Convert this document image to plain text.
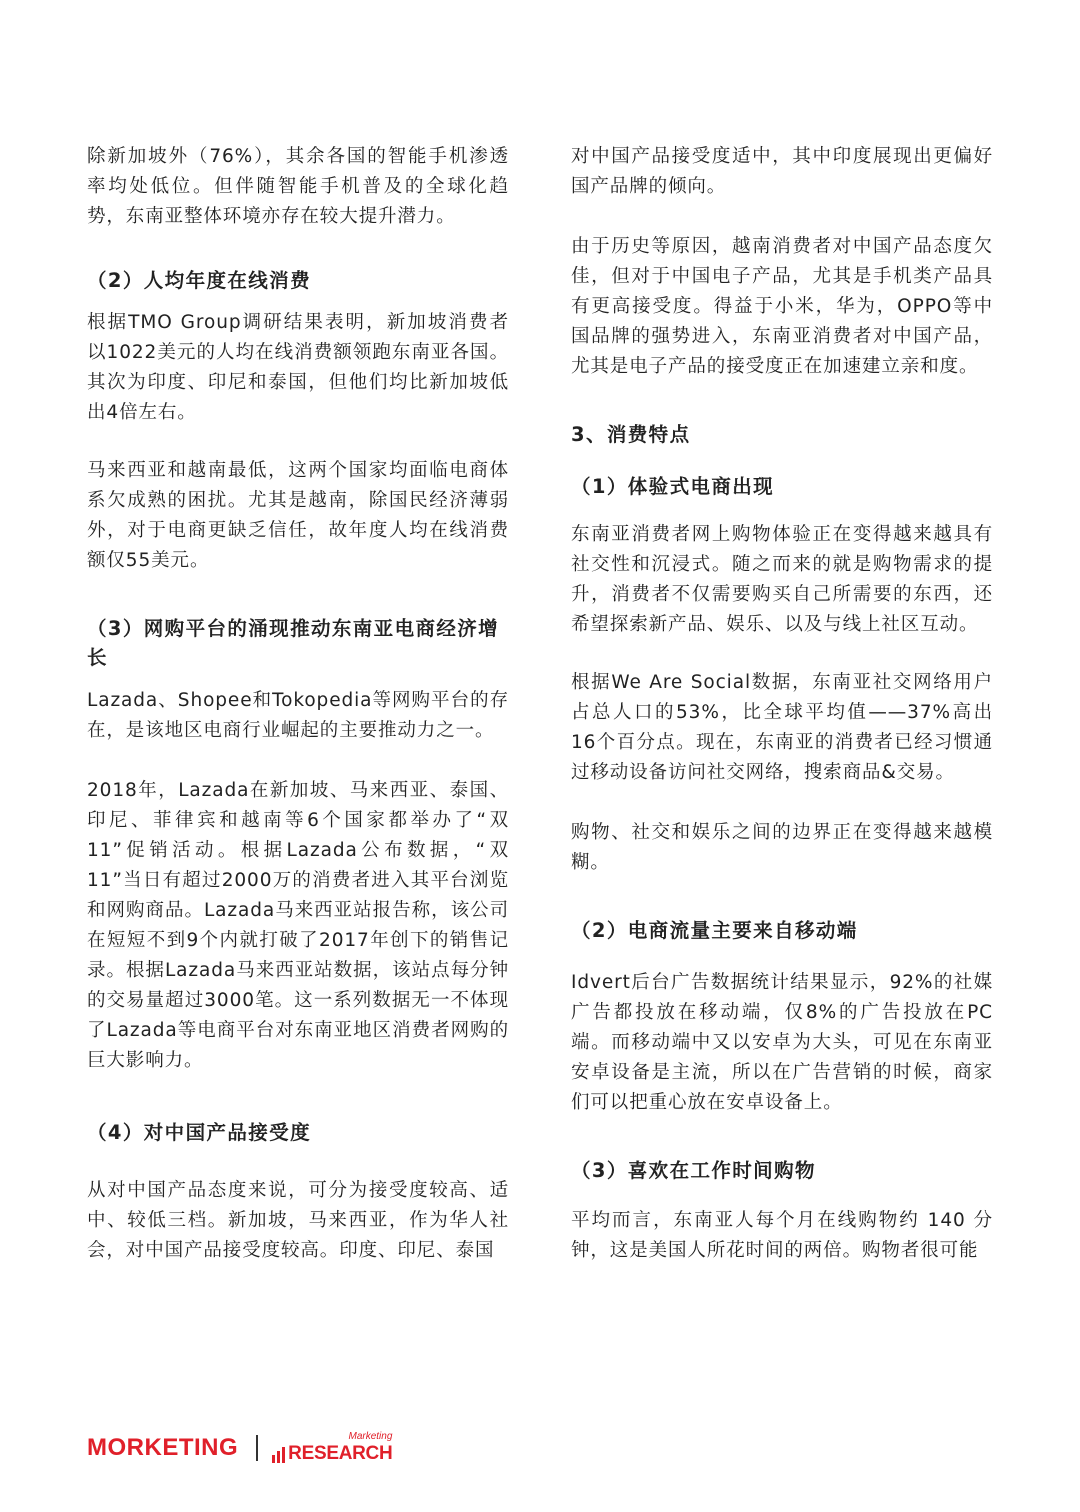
除新加坡外（76%），其余各国的智能手机渗透率均处低位。但伴随智能手机普及的全球化趋势，东南亚整体环境亦存在较大提升潜力。

（2）人均年度在线消费

根据TMO Group调研结果表明，新加坡消费者以1022美元的人均在线消费额领跑东南亚各国。其次为印度、印尼和泰国，但他们均比新加坡低出4倍左右。

马来西亚和越南最低，这两个国家均面临电商体系欠成熟的困扰。尤其是越南，除国民经济薄弱外，对于电商更缺乏信任，故年度人均在线消费额仅55美元。

（3）网购平台的涌现推动东南亚电商经济增长

Lazada、Shopee和Tokopedia等网购平台的存在，是该地区电商行业崛起的主要推动力之一。

2018年，Lazada在新加坡、马来西亚、泰国、印尼、菲律宾和越南等6个国家都举办了“双11”促销活动。根据Lazada公布数据，“双11”当日有超过2000万的消费者进入其平台浏览和网购商品。Lazada马来西亚站报告称，该公司在短短不到9个内就打破了2017年创下的销售记录。根据Lazada马来西亚站数据，该站点每分钟的交易量超过3000笔。这一系列数据无一不体现了Lazada等电商平台对东南亚地区消费者网购的巨大影响力。

（4）对中国产品接受度

从对中国产品态度来说，可分为接受度较高、适中、较低三档。新加坡，马来西亚，作为华人社会，对中国产品接受度较高。印度、印尼、泰国

对中国产品接受度适中，其中印度展现出更偏好国产品牌的倾向。

由于历史等原因，越南消费者对中国产品态度欠佳，但对于中国电子产品，尤其是手机类产品具有更高接受度。得益于小米，华为，OPPO等中国品牌的强势进入，东南亚消费者对中国产品，尤其是电子产品的接受度正在加速建立亲和度。

3、消费特点
（1）体验式电商出现

东南亚消费者网上购物体验正在变得越来越具有社交性和沉浸式。随之而来的就是购物需求的提升，消费者不仅需要购买自己所需要的东西，还希望探索新产品、娱乐、以及与线上社区互动。

根据We Are Social数据，东南亚社交网络用户占总人口的53%，比全球平均值——37%高出16个百分点。现在，东南亚的消费者已经习惯通过移动设备访问社交网络，搜索商品&交易。

购物、社交和娱乐之间的边界正在变得越来越模糊。

（2）电商流量主要来自移动端

Idvert后台广告数据统计结果显示，92%的社媒广告都投放在移动端，仅8%的广告投放在PC端。而移动端中又以安卓为大头，可见在东南亚安卓设备是主流，所以在广告营销的时候，商家们可以把重心放在安卓设备上。

（3）喜欢在工作时间购物

平均而言，东南亚人每个月在线购物约 140 分钟，这是美国人所花时间的两倍。购物者很可能

MORKETING	RESEARCH
Marketing
